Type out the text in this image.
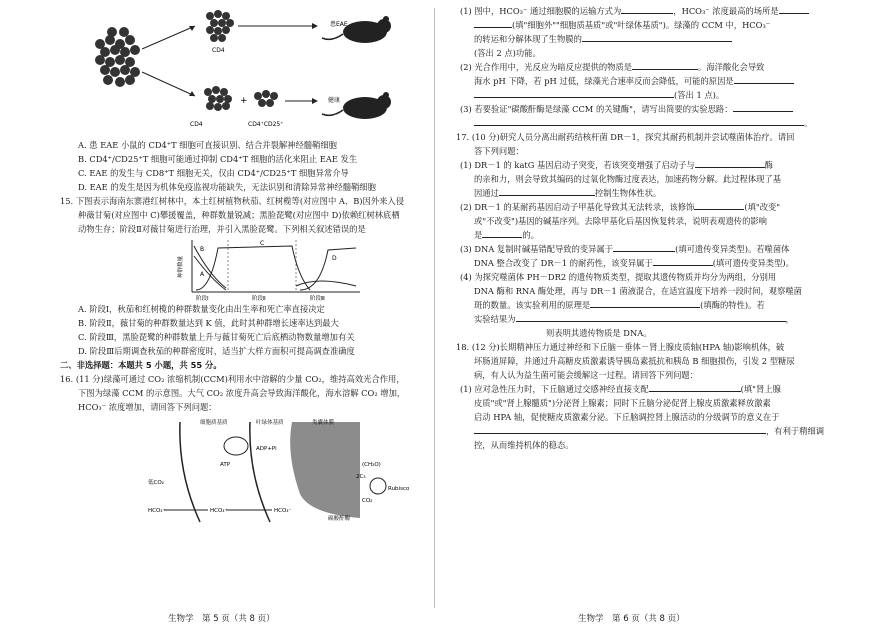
CD4
患EAE
+
CD4	CD4⁺CD25⁺
健康

A. 患 EAE 小鼠的 CD4⁺T 细胞可直接识别、结合并裂解神经髓鞘细胞

B. CD4⁺/CD25⁺T 细胞可能通过抑制 CD4⁺T 细胞的活化来阻止 EAE 发生

C. EAE 的发生与 CD8⁺T 细胞无关，仅由 CD4⁺/CD25⁺T 细胞异常介导

D. EAE 的发生是因为机体免疫监视功能缺失，无法识别和清除异常神经髓鞘细胞

15. 下图表示海南东寨港红树林中，本土红树植物秋茄、红树榄等(对应图中 A、B)因外来入侵

种薇甘菊(对应图中 C)攀援覆盖，种群数量锐减；黑脸琵鹭(对应图中 D)依赖红树林底栖

动物生存；阶段Ⅱ对薇甘菊进行治理，并引入黑脸琵鹭。下列相关叙述错误的是

种群数量
B
A
C
D
阶段Ⅰ	阶段Ⅱ	阶段Ⅲ

A. 阶段Ⅰ，秋茄和红树榄的种群数量变化由出生率和死亡率直接决定

B. 阶段Ⅱ，薇甘菊的种群数量达到 K 值，此时其种群增长速率达到最大

C. 阶段Ⅲ，黑脸琵鹭的种群数量上升与薇甘菊死亡后底栖动物数量增加有关

D. 阶段Ⅲ后期调查秋茄的种群密度时，适当扩大样方面积可提高调查准确度

二、非选择题：本题共 5 小题，共 55 分。

16. (11 分)绿藻可通过 CO₂ 浓缩机制(CCM)利用水中溶解的少量 CO₂，维持高效光合作用，

下图为绿藻 CCM 的示意图。大气 CO₂ 浓度升高会导致海洋酸化，海水溶解 CO₂ 增加，

HCO₃⁻ 浓度增加，请回答下列问题：

细胞质基质	叶绿体基质	类囊体膜
ATP
ADP+Pi
低CO₂
HCO₃⁻	HCO₃⁻	HCO₃⁻
(CH₂O)
2C₃
Rubisco
CO₂
碳酸酐酶
生物学　第 5 页（共 8 页）

(1) 图中，HCO₃⁻ 通过细胞膜的运输方式为	，HCO₃⁻ 浓度最高的场所是

(填"细胞外""细胞质基质"或"叶绿体基质")。绿藻的 CCM 中，HCO₃⁻

的转运和分解体现了生物膜的

(答出 2 点)功能。

(2) 光合作用中，光反应为暗反应提供的物质是	。海洋酸化会导致

海水 pH 下降，若 pH 过低，绿藻光合速率反而会降低，可能的原因是

(答出 1 点)。

(3) 若要验证"碳酸酐酶是绿藻 CCM 的关键酶"，请写出简要的实验思路：

。

17. (10 分)研究人员分离出耐药结核杆菌 DR－1，探究其耐药机制并尝试噬菌体治疗。请回

答下列问题：

(1) DR－1 的 katG 基因启动子突变，若该突变增强了启动子与	酶

的亲和力，则会导致其编码的过氧化物酶过度表达，加速药物分解。此过程体现了基

因通过	控制生物体性状。

(2) DR－1 的某耐药基因启动子甲基化导致其无法转录，该修饰	(填"改变"

或"不改变")基因的碱基序列。去除甲基化后基因恢复转录，说明表观遗传的影响

是	的。

(3) DNA 复制时碱基错配导致的变异属于	(填可遗传变异类型)。若噬菌体

DNA 整合改变了 DR－1 的耐药性，该变异属于	(填可遗传变异类型)。

(4) 为探究噬菌体 PH－DR2 的遗传物质类型，提取其遗传物质并均分为两组，分别用

DNA 酶和 RNA 酶处理，再与 DR－1 菌液混合，在适宜温度下培养一段时间，观察噬菌

斑的数量。该实验利用的原理是	(填酶的特性)。若

实验结果为	，

则表明其遗传物质是 DNA。

18. (12 分)长期精神压力通过神经和下丘脑－垂体－肾上腺皮质轴(HPA 轴)影响机体，破

坏肠道屏障，并通过升高糖皮质激素诱导胰岛素抵抗和胰岛 B 细胞损伤，引发 2 型糖尿

病，有人认为益生菌可能会缓解这一过程。请回答下列问题：

(1) 应对急性压力时，下丘脑通过交感神经直接支配	(填"肾上腺

皮质"或"肾上腺髓质")分泌肾上腺素；同时下丘脑分泌促肾上腺皮质激素释放激素

启动 HPA 轴，促使糖皮质激素分泌。下丘脑调控肾上腺活动的分级调节的意义在于

，有利于精细调

控，从而维持机体的稳态。

生物学　第 6 页（共 8 页）
